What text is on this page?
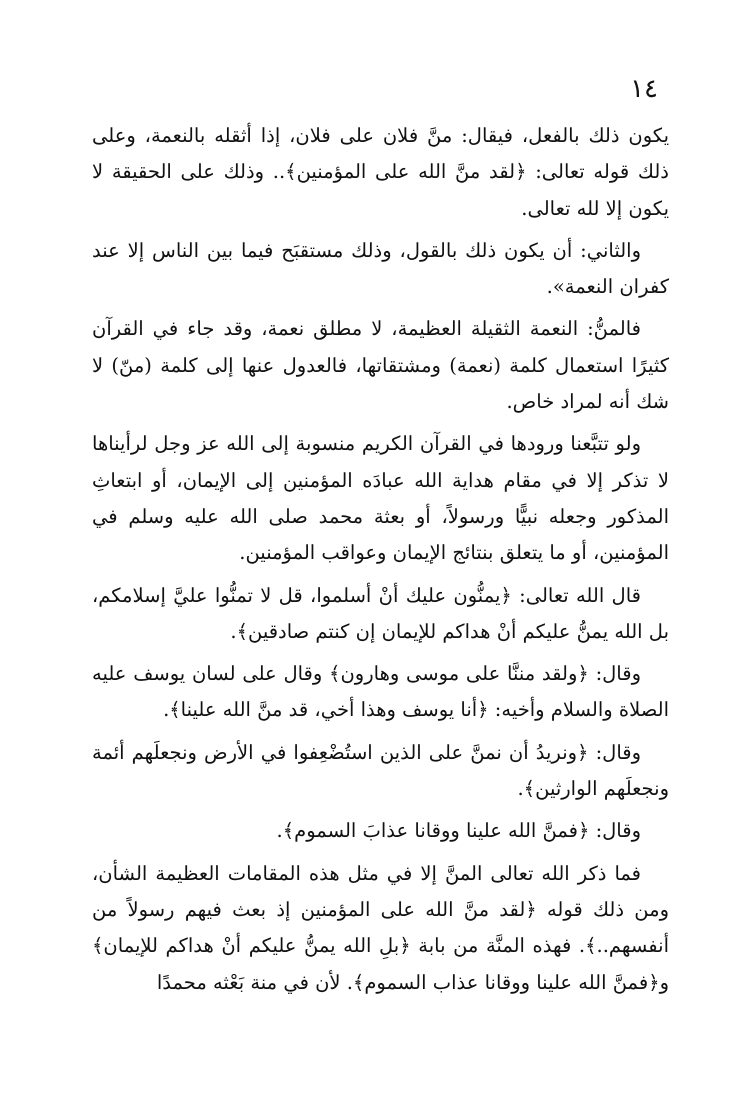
١٤

يكون ذلك بالفعل، فيقال: منَّ فلان على فلان، إذا أثقله بالنعمة، وعلى ذلك قوله تعالى: ﴿لقد منَّ الله على المؤمنين﴾.. وذلك على الحقيقة لا يكون إلا لله تعالى.

والثاني: أن يكون ذلك بالقول، وذلك مستقبَح فيما بين الناس إلا عند كفران النعمة».

فالمنُّ: النعمة الثقيلة العظيمة، لا مطلق نعمة، وقد جاء في القرآن كثيرًا استعمال كلمة (نعمة) ومشتقاتها، فالعدول عنها إلى كلمة (منّ) لا شك أنه لمراد خاص.

ولو تتبَّعنا ورودها في القرآن الكريم منسوبة إلى الله عز وجل لرأيناها لا تذكر إلا في مقام هداية الله عبادَه المؤمنين إلى الإيمان، أو ابتعاثِ المذكور وجعله نبيًّا ورسولاً، أو بعثة محمد صلى الله عليه وسلم في المؤمنين، أو ما يتعلق بنتائج الإيمان وعواقب المؤمنين.

قال الله تعالى: ﴿يمنُّون عليك أنْ أسلموا، قل لا تمنُّوا عليَّ إسلامكم، بل الله يمنُّ عليكم أنْ هداكم للإيمان إن كنتم صادقين﴾.

وقال: ﴿ولقد مننَّا على موسى وهارون﴾ وقال على لسان يوسف عليه الصلاة والسلام وأخيه: ﴿أنا يوسف وهذا أخي، قد منَّ الله علينا﴾.

وقال: ﴿ونريدُ أن نمنَّ على الذين استُضْعِفوا في الأرض ونجعلَهم أئمة ونجعلَهم الوارثين﴾.

وقال: ﴿فمنَّ الله علينا ووقانا عذابَ السموم﴾.

فما ذكر الله تعالى المنَّ إلا في مثل هذه المقامات العظيمة الشأن، ومن ذلك قوله ﴿لقد منَّ الله على المؤمنين إذ بعث فيهم رسولاً من أنفسهم..﴾. فهذه المنَّة من بابة ﴿بلِ الله يمنُّ عليكم أنْ هداكم للإيمان﴾ و﴿فمنَّ الله علينا ووقانا عذاب السموم﴾. لأن في منة بَعْثه محمدًا
